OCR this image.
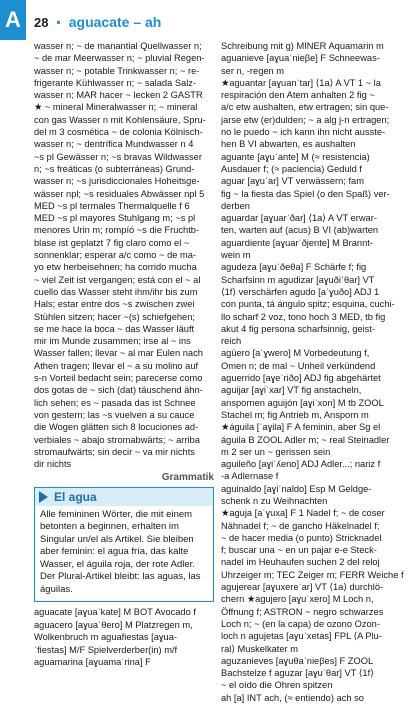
A 28 ▪ aguacate – ah
wasser n; ~ de manantial Quellwasser n;
~ de mar Meerwasser n; ~ pluvial Regen-
wasser n; ~ potable Trinkwasser n; ~ re-
frigerante Kühlwasser n; ~ salada Salz-
wasser n; MAR hacer ~ lecken 2 GASTR
★ ~ mineral Mineralwasser n; ~ mineral
con gas Wasser n mit Kohlensäure, Spru-
del m 3 cosmética ~ de colonia Kölnisch-
wasser n; ~ dentrífica Mundwasser n 4
~s pl Gewässer n; ~s bravas Wildwasser
n; ~s freáticas (o subterráneas) Grund-
wasser n; ~s jurisdiccionales Hoheitsge-
wässer npl; ~s residuales Abwässer npl 5
MED ~s pl termales Thermalquelle f 6
MED ~s pl mayores Stuhlgang m; ~s pl
menores Urin m; rompíó ~s die Fruchtb-
blase ist geplatzt 7 fig claro como el ~
sonnenklar; esperar a/c como ~ de ma-
yo etw herbeisehnen; ha corrido mucha
~ viel Zeit ist vergangen; está con el ~ al
cuello das Wasser steht ihm/ihr bis zum
Hals; estar entre dos ~s zwischen zwei
Stühlen sitzen; hacer ~(s) schiefgehen;
se me hace la boca ~ das Wasser läuft
mir im Munde zusammen; irse al ~ ins
Wasser fallen; llevar ~ al mar Eulen nach
Athen tragen; llevar el ~ a su molino auf
s-n Vorteil bedacht sein; parecerse como
dos gotas de ~ sich (dat) täuschend ähn-
lich sehen; es ~ pasada das ist Schnee
von gestern; las ~s vuelven a su cauce
die Wogen glätten sich 8 locuciones ad-
verbiales ~ abajo stromabwärts; ~ arriba
stromaufwärts; sin decir ~ va mir nichts
dir nichts
Grammatik
El agua
Alle femininen Wörter, die mit einem
betonten a beginnen, erhalten im
Singular un/el als Artikel. Sie bleiben
aber feminin: el agua fría, das kalte
Wasser, el águila roja, der rote Adler.
Der Plural-Artikel bleibt: las aguas, las
águilas.
aguacate [aɣuaˈkate] M BOT Avocado f
aguacero [aɣuaˈθero] M Platzregen m,
Wolkenbruch m aguafiestas [aɣua-
ˈfiestas] M/F Spielverderber(in) m/f
aguamarina [aɣuamaˈrina] F
Schreibung mit g) MINER Aquamarin m
aguanieve [aɣuaˈnieβe] F Schneewas-
ser n, -regen m
★aguantar [aɣuanˈtar] ⟨1a⟩ A VT 1 ~ la
respiración den Atem anhalten 2 fig ~
a/c etw aushalten, etw ertragen; sin que-
jarse etw (er)dulden; ~ a alg j-n ertragen;
no le puedo ~ ich kann ihn nicht ausste-
hen B VI abwarten, es aushalten
aguante [aɣuˈante] M (≈ resistencia)
Ausdauer f; (≈ paciencia) Geduld f
aguar [aɣuˈar] VT verwässern; fam
fig ~ la fiesta das Spiel (o den Spaß) ver-
derben
aguardar [aɣuarˈðar] ⟨1a⟩ A VT erwar-
ten, warten auf (acus) B VI (ab)warten
aguardiente [aɣuarˈðjente] M Brannt-
wein m
agudeza [aɣuˈðeθa] F Schärfe f; fig
Scharfsinn m agudizar [aɣuðiˈθar] VT
⟨1f⟩ verschärfen agudo [aˈɣuðo] ADJ 1
con punta, tá ángulo spitz; esquina, cuchi-
llo scharf 2 voz, tono hoch 3 MED, tb fig
akut 4 fig persona scharfsinnig, geist-
reich
agüero [aˈɣwero] M Vorbedeutung f,
Omen n; de mal ~ Unheil verkündend
aguerrido [aɣeˈriðo] ADJ fig abgehärtet
aguijar [aɣiˈxar] VT fig anstacheln,
anspornen aguijón [aɣiˈxon] M tb ZOOL
Stachel m; fig Antrieb m, Ansporn m
★águila [ˈaɣila] F A feminin, aber Sg el
águila B ZOOL Adler m; ~ real Steinadler
m 2 ser un ~ gerissen sein
aguileño [aɣiˈʎeno] ADJ Adler...; nariz f
-a Adlernase f
aguinaldo [aɣiˈnaldo] Esp M Geldge-
schenk n zu Weihnachten
★aguja [aˈɣuxa] F 1 Nadel f; ~ de coser
Nähnadel f; ~ de gancho Häkelnadel f;
~ de hacer media (o punto) Stricknadel
f; buscar una ~ en un pajar e-e Steck-
nadel im Heuhaufen suchen 2 del reloj
Uhrzeiger m; TEC Zeiger m; FERR Weiche f
agujerear [aɣuxereˈar] VT ⟨1a⟩ durchlö-
chern ★agujero [aɣuˈxero] M Loch n,
Öffnung f; ASTRON ~ negro schwarzes
Loch n; ~ (en la capa) de ozono Ozon-
loch n agujetas [aɣuˈxetas] FPL ⟨A Plu-
ral⟩ Muskelkater m
aguzanieves [aɣuθaˈnieβes] F ZOOL
Bachstelze f aguzar [aɣuˈθar] VT ⟨1f⟩
~ el oído die Ohren spitzen
ah [a] INT ach, (≈ entiendo) ach so
